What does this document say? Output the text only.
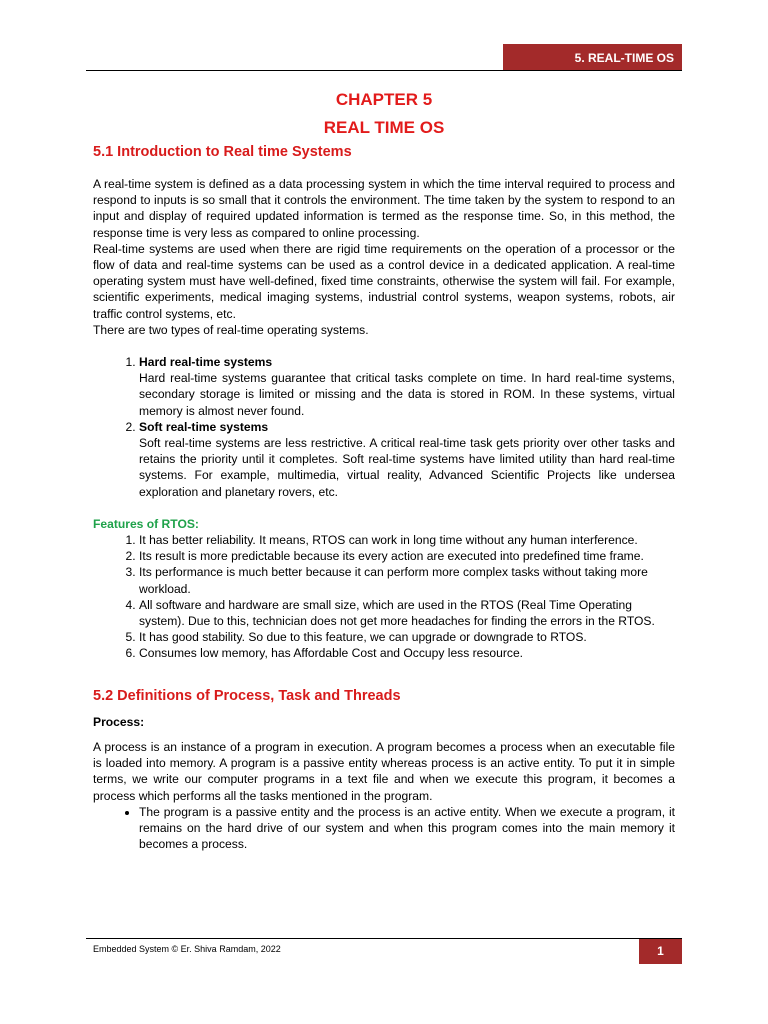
5. REAL-TIME OS
CHAPTER 5
REAL TIME OS
5.1 Introduction to Real time Systems

A real-time system is defined as a data processing system in which the time interval required to process and respond to inputs is so small that it controls the environment. The time taken by the system to respond to an input and display of required updated information is termed as the response time. So, in this method, the response time is very less as compared to online processing.

Real-time systems are used when there are rigid time requirements on the operation of a processor or the flow of data and real-time systems can be used as a control device in a dedicated application. A real-time operating system must have well-defined, fixed time constraints, otherwise the system will fail. For example, scientific experiments, medical imaging systems, industrial control systems, weapon systems, robots, air traffic control systems, etc.

There are two types of real-time operating systems.

1. Hard real-time systems

Hard real-time systems guarantee that critical tasks complete on time. In hard real-time systems, secondary storage is limited or missing and the data is stored in ROM. In these systems, virtual memory is almost never found.

2. Soft real-time systems

Soft real-time systems are less restrictive. A critical real-time task gets priority over other tasks and retains the priority until it completes. Soft real-time systems have limited utility than hard real-time systems. For example, multimedia, virtual reality, Advanced Scientific Projects like undersea exploration and planetary rovers, etc.

Features of RTOS:

1. It has better reliability. It means, RTOS can work in long time without any human interference.
2. Its result is more predictable because its every action are executed into predefined time frame.
3. Its performance is much better because it can perform more complex tasks without taking more workload.
4. All software and hardware are small size, which are used in the RTOS (Real Time Operating system). Due to this, technician does not get more headaches for finding the errors in the RTOS.
5. It has good stability. So due to this feature, we can upgrade or downgrade to RTOS.
6. Consumes low memory, has Affordable Cost and Occupy less resource.
5.2 Definitions of Process, Task and Threads

Process:

A process is an instance of a program in execution. A program becomes a process when an executable file is loaded into memory. A program is a passive entity whereas process is an active entity. To put it in simple terms, we write our computer programs in a text file and when we execute this program, it becomes a process which performs all the tasks mentioned in the program.

• The program is a passive entity and the process is an active entity. When we execute a program, it remains on the hard drive of our system and when this program comes into the main memory it becomes a process.
Embedded System © Er. Shiva Ramdam, 2022	1
